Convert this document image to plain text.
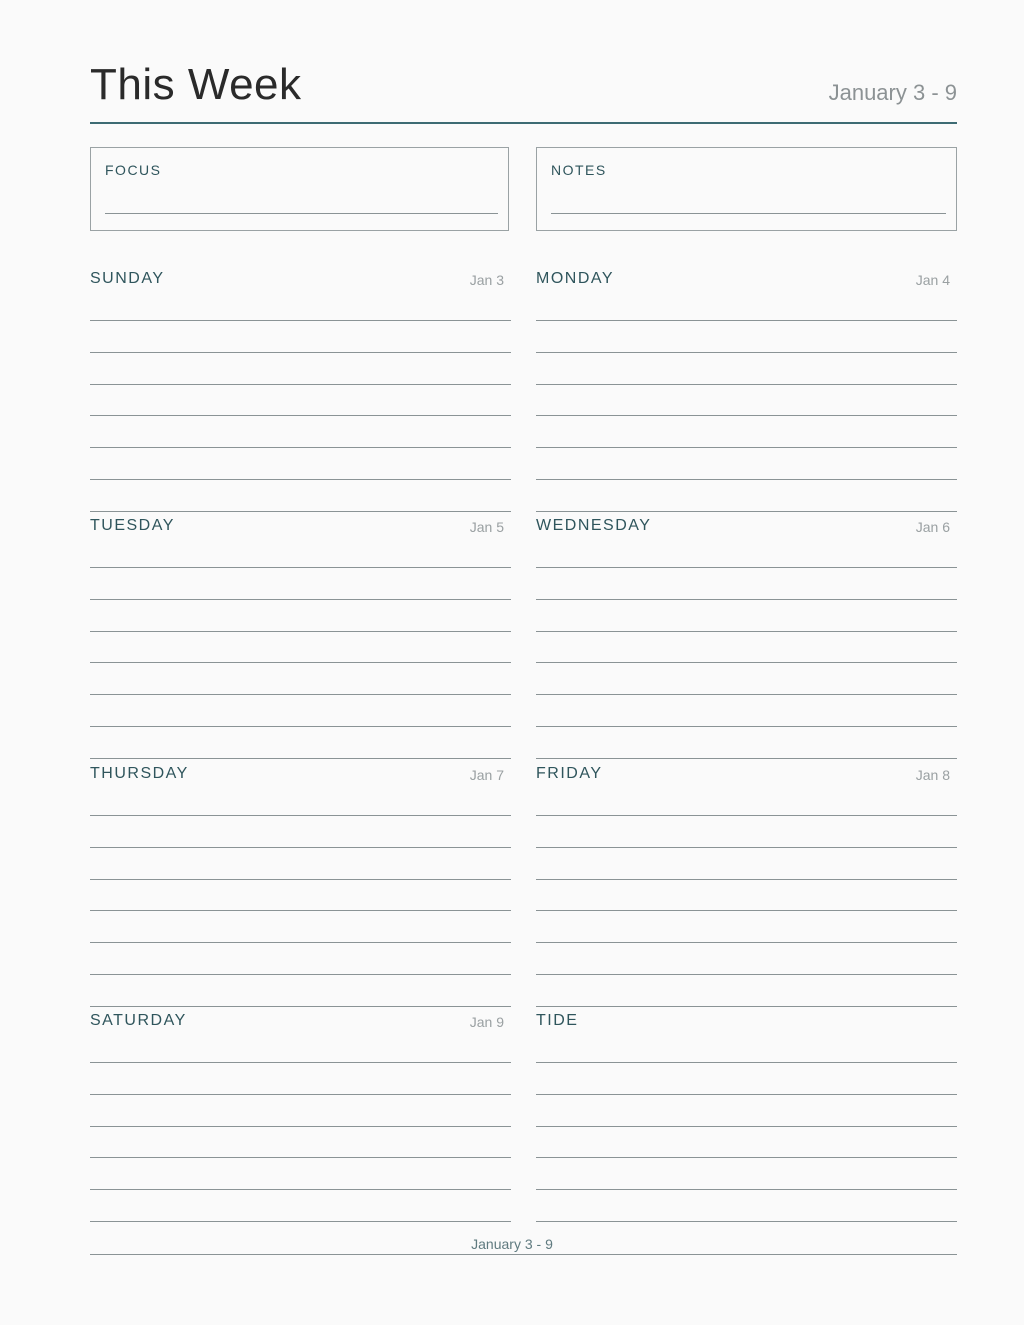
This Week	January 3 - 9
FOCUS	NOTES
SUNDAY	Jan 3 MONDAY	Jan 4
TUESDAY	Jan 5 WEDNESDAY	Jan 6
THURSDAY	Jan 7 FRIDAY	Jan 8
SATURDAY	Jan 9 TIDE
January 3 - 9
